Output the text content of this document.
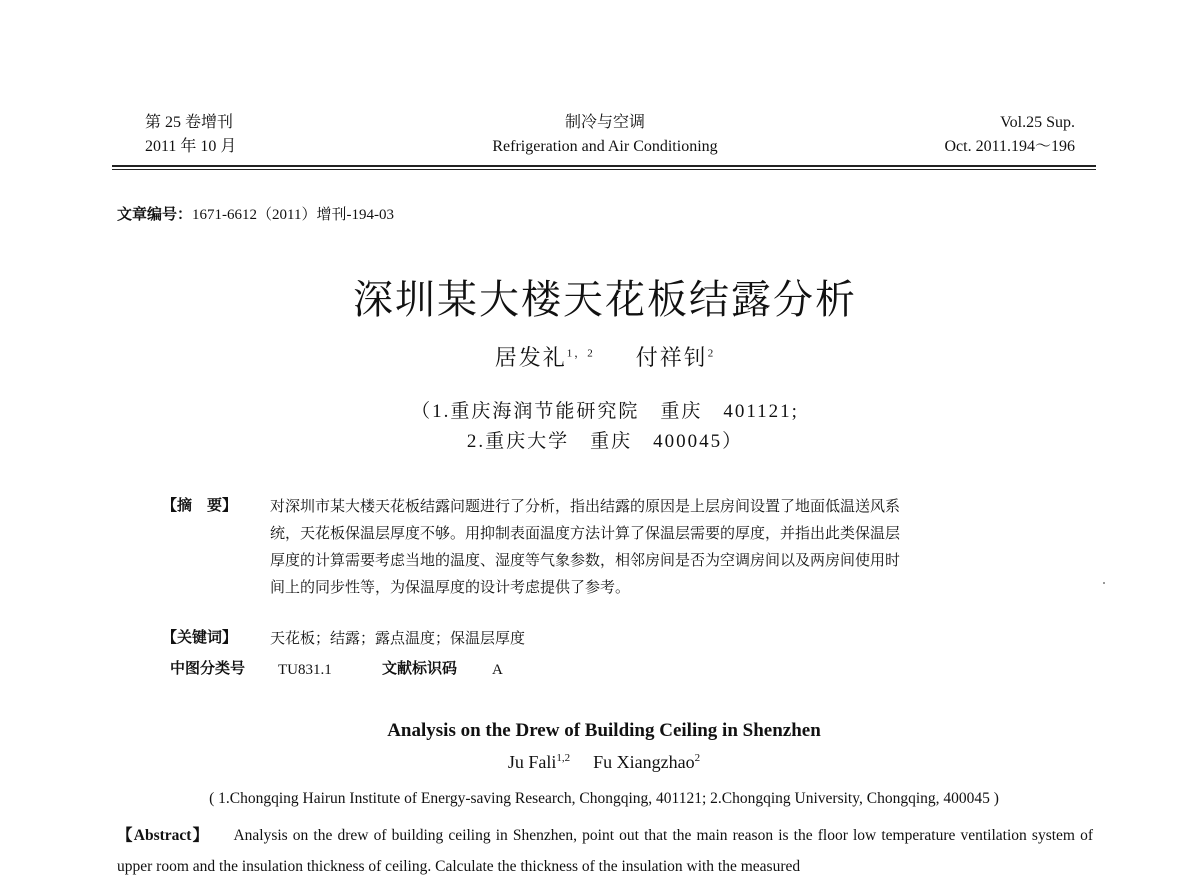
第 25 卷增刊
2011 年 10 月
制冷与空调
Refrigeration and Air Conditioning
Vol.25 Sup.
Oct. 2011.194～196
文章编号：1671-6612（2011）增刊-194-03
深圳某大楼天花板结露分析
居发礼$^{1,2}$ 付祥钊$^2$
（1.重庆海润节能研究院　重庆　401121;
2.重庆大学　重庆　400045）
【摘　要】 对深圳市某大楼天花板结露问题进行了分析，指出结露的原因是上层房间设置了地面低温送风系
统，天花板保温层厚度不够。用抑制表面温度方法计算了保温层需要的厚度，并指出此类保温层
厚度的计算需要考虑当地的温度、湿度等气象参数，相邻房间是否为空调房间以及两房间使用时
间上的同步性等，为保温厚度的设计考虑提供了参考。
【关键词】 天花板；结露；露点温度；保温层厚度
中图分类号 TU831.1	文献标识码 A
Analysis on the Drew of Building Ceiling in Shenzhen
Ju Fali$^{1,2}$ Fu Xiangzhao$^2$
( 1.Chongqing Hairun Institute of Energy-saving Research, Chongqing, 401121; 2.Chongqing University, Chongqing, 400045 )
【Abstract】 Analysis on the drew of building ceiling in Shenzhen, point out that the main reason is the floor low temperature ventilation system of upper room and the insulation thickness of ceiling. Calculate the thickness of the insulation with the measured
